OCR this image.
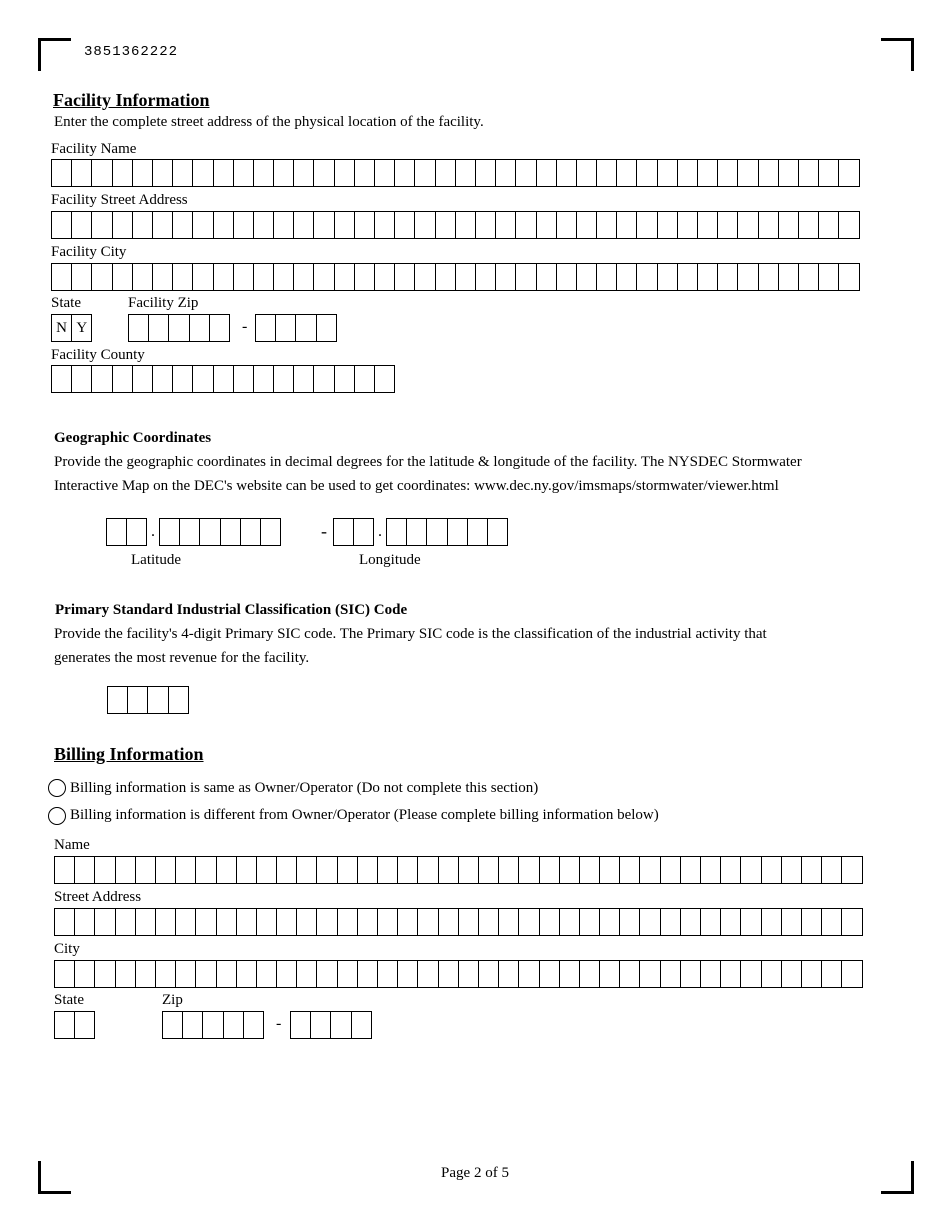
3851362222
Facility Information
Enter the complete street address of the physical location of the facility.
Facility Name
Facility Street Address
Facility City
State	Facility Zip
N Y	-
Facility County
Geographic Coordinates
Provide the geographic coordinates in decimal degrees for the latitude & longitude of the facility. The NYSDEC Stormwater
Interactive Map on the DEC's website can be used to get coordinates: www.dec.ny.gov/imsmaps/stormwater/viewer.html
.	-	.
Latitude	Longitude
Primary Standard Industrial Classification (SIC) Code
Provide the facility's 4-digit Primary SIC code. The Primary SIC code is the classification of the industrial activity that
generates the most revenue for the facility.
Billing Information
Billing information is same as Owner/Operator (Do not complete this section)
Billing information is different from Owner/Operator (Please complete billing information below)
Name
Street Address
City
State	Zip
-
Page 2 of 5
